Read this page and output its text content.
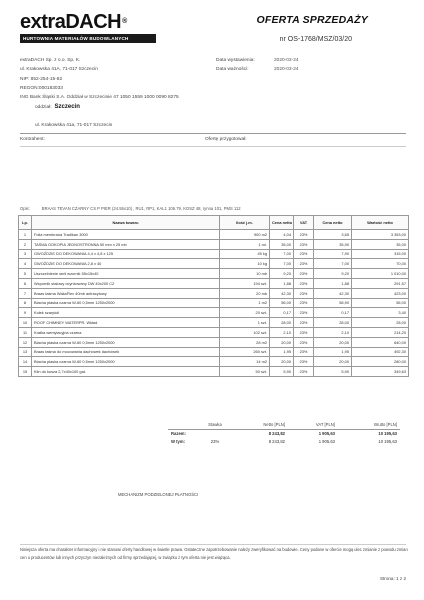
extraDACH®
HURTOWNIA MATERIAŁÓW BUDOWLANYCH
OFERTA SPRZEDAŻY
nr OS-1768/MSZ/03/20
extraDACH Sp. z o.o. Sp. K.
ul. Krakowska 41A, 71-017 Szczecin
NIP: 852-254-15-82
REGON:000183033
Data wystawienia:	2020-03-24
Data ważności:	2020-03-24
ING Bank Śląski S.A. Oddział w Szczecinie 47 1050 1559 1000 0090 8275
oddział: Szczecin
ul. Krakowska 41a, 71-017 Szczecin
Kontrahent:	Ofertę przygotował:
Opis:	BRAAS TEVAN CZARNY CS P PIER (24.55x10) , RU1, RP1, KAL1 106.79, KOSZ 48, rynna 101, PMS 112
Lp.	Nazwa towaru	Ilość j.m.	Cena netto	VAT	Cena netto	Wartość netto
1	Folia membrana Tradikan 3000	900 m2	4,04	23%	3,65	3 353,00
2	TAŚMA OOKOPIA JEDNOSTRONNA 50 mm x 25 mb	1 rol.	35,00	23%	35,90	35,00
3	GWOŹDZIE DO DEKOWANIA 4,4 x 4,8 x 125	45 kg	7,00	23%	7,90	315,00
4	GWOŹDZIE DO DEKOWANIA 2,8 x 40	10 kg	7,00	23%	7,00	70,00
5	Uszczelnienie serii wzornik 55x15x40	10 mb	9,20	23%	9,20	1 010,00
6	Wspornik stalowy ocynkowany DW 40x200 CZ	194 szt.	1,88	23%	1,88	291,57
7	Braas taśma WakaFlex 40mb antracytowy	20 mb	42,30	23%	42,30	423,00
8	Blacha płaska czarna W-60 0,5mm 1250x2000	1 m2	56,00	23%	58,90	56,00
9	Kołek szarykół	20 szt.	0,17	23%	0,17	3,40
10	ROOF CHIMNEY WATERPR. Wkład	1 szt.	28,00	23%	28,00	28,00
11	Kratka wentylacyjna czarna	102 szt.	2,10	23%	2,10	214,20
12	Blacha płaska czarna W-60 0,5mm 1250x2000	28 m2	20,00	23%	20,00	640,00
13	Braas taśma do mocowania dachówek dachówek	260 szt.	1,95	23%	1,95	492,30
14	Blacha płaska czarna W-60 0,5mm 1250x2000	14 m2	20,00	23%	20,00	280,00
15	Klin do kosza 2,7x40x100 gat.	50 szt.	5,90	23%	5,90	349,63
	Stawka	Netto [PLN]	VAT [PLN]	Brutto [PLN]
Razem:		8 243,82	1 905,63	10 195,63
W tym:	23%	8 243,82	1 905,63	10 195,63
MECHANIZM PODZIELONEJ PŁATNOŚCI
Niniejsza oferta ma charakter informacyjny i nie stanowi oferty handlowej w świetle prawa. Ostateczne zapotrzebowanie należy zweryfikować na budowie. Ceny podane w ofercie mogą ulec zmianie z powodu zmian cen u producentów lub innych przyczyn niezależnych od firmy sprzedającej, w związku z tym oferta nie jest wiążąca.
Strona: 1 z 2
